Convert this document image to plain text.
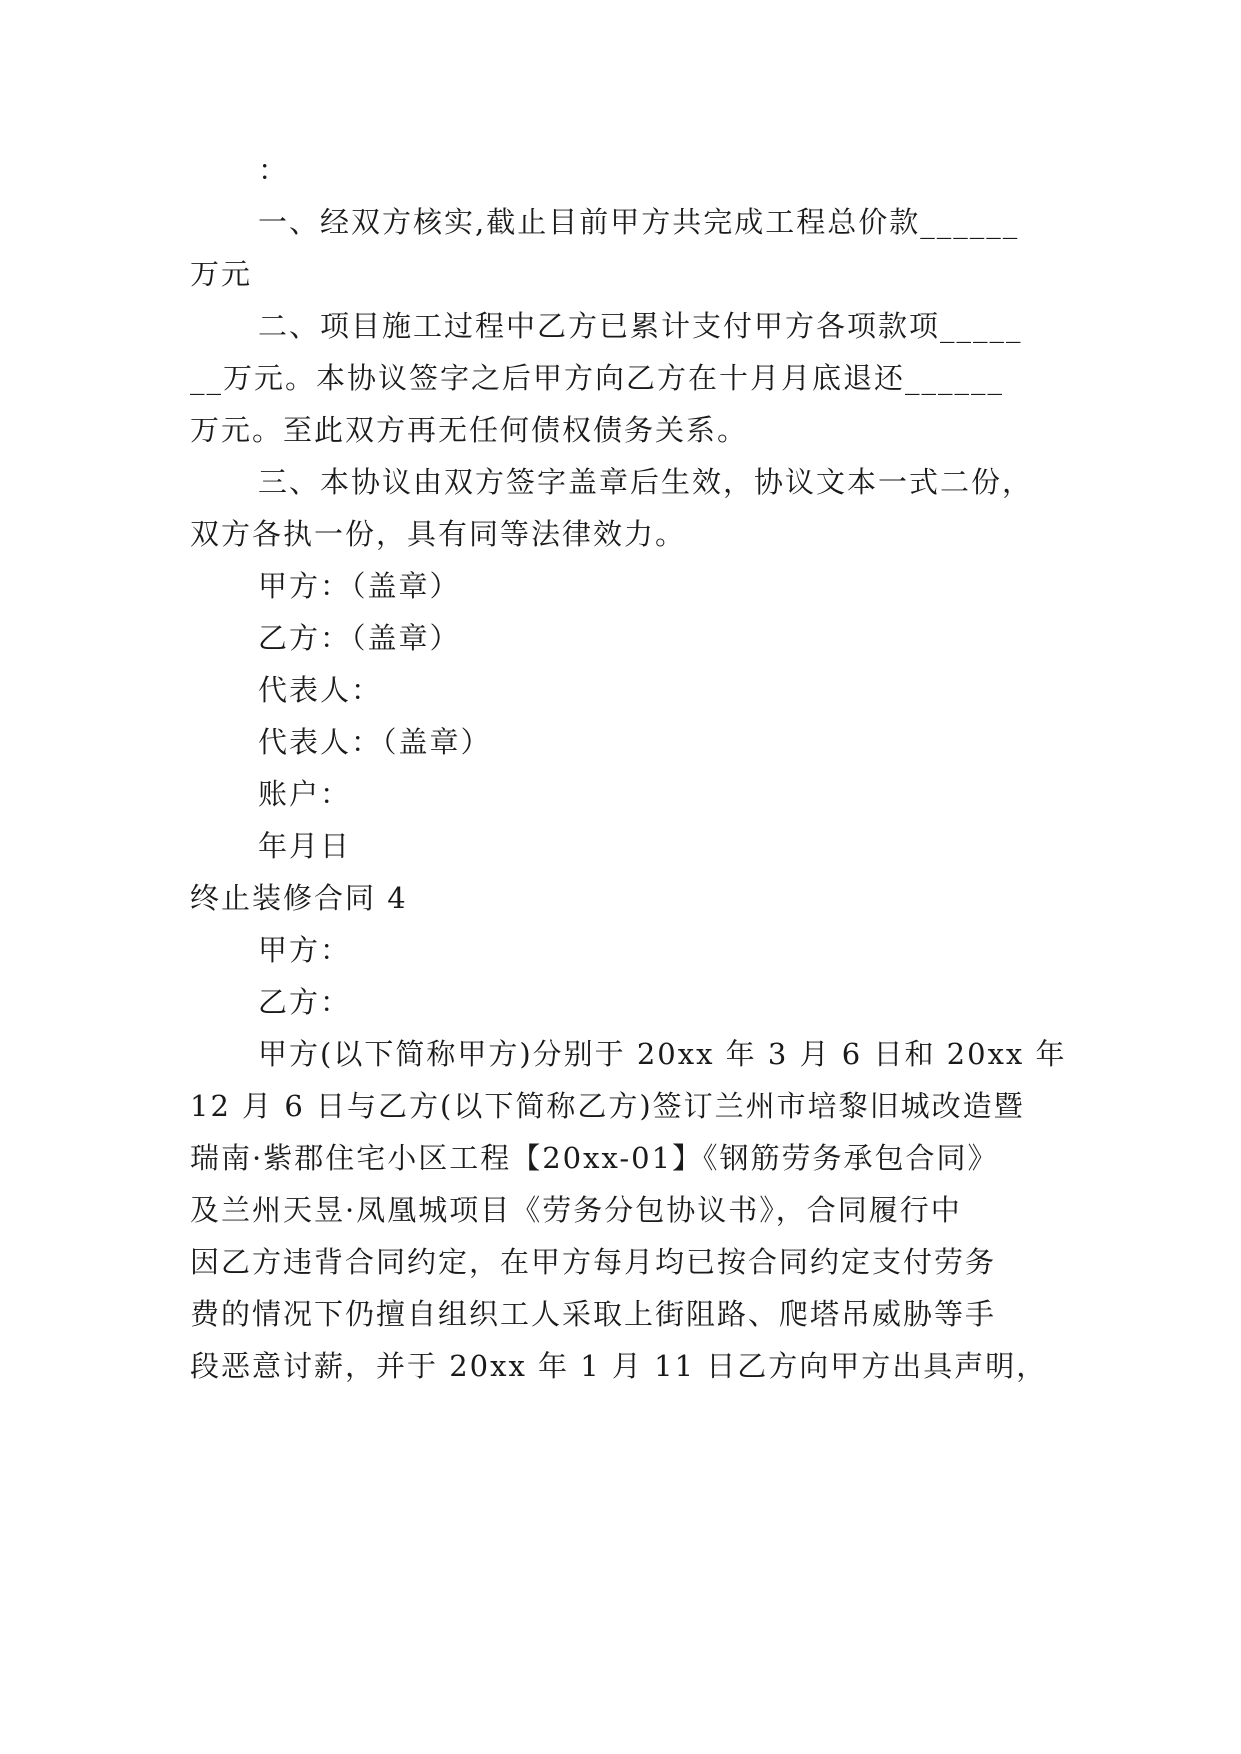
：
一、经双方核实,截止目前甲方共完成工程总价款______
万元
二、项目施工过程中乙方已累计支付甲方各项款项_____
__万元。本协议签字之后甲方向乙方在十月月底退还______
万元。至此双方再无任何债权债务关系。
三、本协议由双方签字盖章后生效，协议文本一式二份，
双方各执一份，具有同等法律效力。
甲方：（盖章）
乙方：（盖章）
代表人：
代表人：（盖章）
账户：
年月日
终止装修合同 4
甲方：
乙方：
甲方(以下简称甲方)分别于 20xx 年 3 月 6 日和 20xx 年
12 月 6 日与乙方(以下简称乙方)签订兰州市培黎旧城改造暨
瑞南·紫郡住宅小区工程【20xx-01】《钢筋劳务承包合同》
及兰州天昱·凤凰城项目《劳务分包协议书》，合同履行中
因乙方违背合同约定，在甲方每月均已按合同约定支付劳务
费的情况下仍擅自组织工人采取上街阻路、爬塔吊威胁等手
段恶意讨薪，并于 20xx 年 1 月 11 日乙方向甲方出具声明，
